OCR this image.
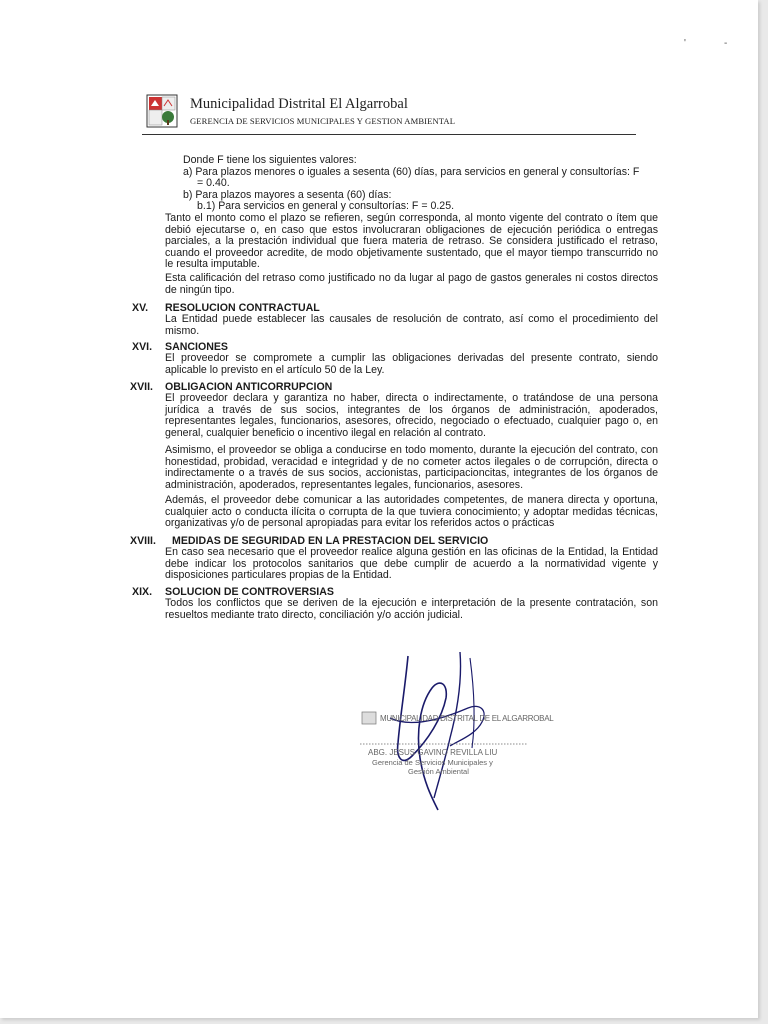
'	-
Municipalidad Distrital El Algarrobal
GERENCIA DE SERVICIOS MUNICIPALES Y GESTION AMBIENTAL
Donde F tiene los siguientes valores:
a) Para plazos menores o iguales a sesenta (60) días, para servicios en general y consultorías: F
= 0.40.
b) Para plazos mayores a sesenta (60) días:
b.1) Para servicios en general y consultorías: F = 0.25.
Tanto el monto como el plazo se refieren, según corresponda, al monto vigente del contrato o ítem que debió ejecutarse o, en caso que estos involucraran obligaciones de ejecución periódica o entregas parciales, a la prestación individual que fuera materia de retraso. Se considera justificado el retraso, cuando el proveedor acredite, de modo objetivamente sustentado, que el mayor tiempo transcurrido no le resulta imputable.
Esta calificación del retraso como justificado no da lugar al pago de gastos generales ni costos directos de ningún tipo.
XV. RESOLUCION CONTRACTUAL
La Entidad puede establecer las causales de resolución de contrato, así como el procedimiento del mismo.
XVI. SANCIONES
El proveedor se compromete a cumplir las obligaciones derivadas del presente contrato, siendo aplicable lo previsto en el artículo 50 de la Ley.
XVII. OBLIGACION ANTICORRUPCION
El proveedor declara y garantiza no haber, directa o indirectamente, o tratándose de una persona jurídica a través de sus socios, integrantes de los órganos de administración, apoderados, representantes legales, funcionarios, asesores, ofrecido, negociado o efectuado, cualquier pago o, en general, cualquier beneficio o incentivo ilegal en relación al contrato.
Asimismo, el proveedor se obliga a conducirse en todo momento, durante la ejecución del contrato, con honestidad, probidad, veracidad e integridad y de no cometer actos ilegales o de corrupción, directa o indirectamente o a través de sus socios, accionistas, participacioncitas, integrantes de los órganos de administración, apoderados, representantes legales, funcionarios, asesores.
Además, el proveedor debe comunicar a las autoridades competentes, de manera directa y oportuna, cualquier acto o conducta ilícita o corrupta de la que tuviera conocimiento; y adoptar medidas técnicas, organizativas y/o de personal apropiadas para evitar los referidos actos o prácticas
XVIII. MEDIDAS DE SEGURIDAD EN LA PRESTACION DEL SERVICIO
En caso sea necesario que el proveedor realice alguna gestión en las oficinas de la Entidad, la Entidad debe indicar los protocolos sanitarios que debe cumplir de acuerdo a la normatividad vigente y disposiciones particulares propias de la Entidad.
XIX. SOLUCION DE CONTROVERSIAS
Todos los conflictos que se deriven de la ejecución e interpretación de la presente contratación, son resueltos mediante trato directo, conciliación y/o acción judicial.
MUNICIPALIDAD DISTRITAL DE EL ALGARROBAL
ABG. JESUS GAVINO REVILLA LIU
Gerencia de Servicios Municipales y
Gestión Ambiental
